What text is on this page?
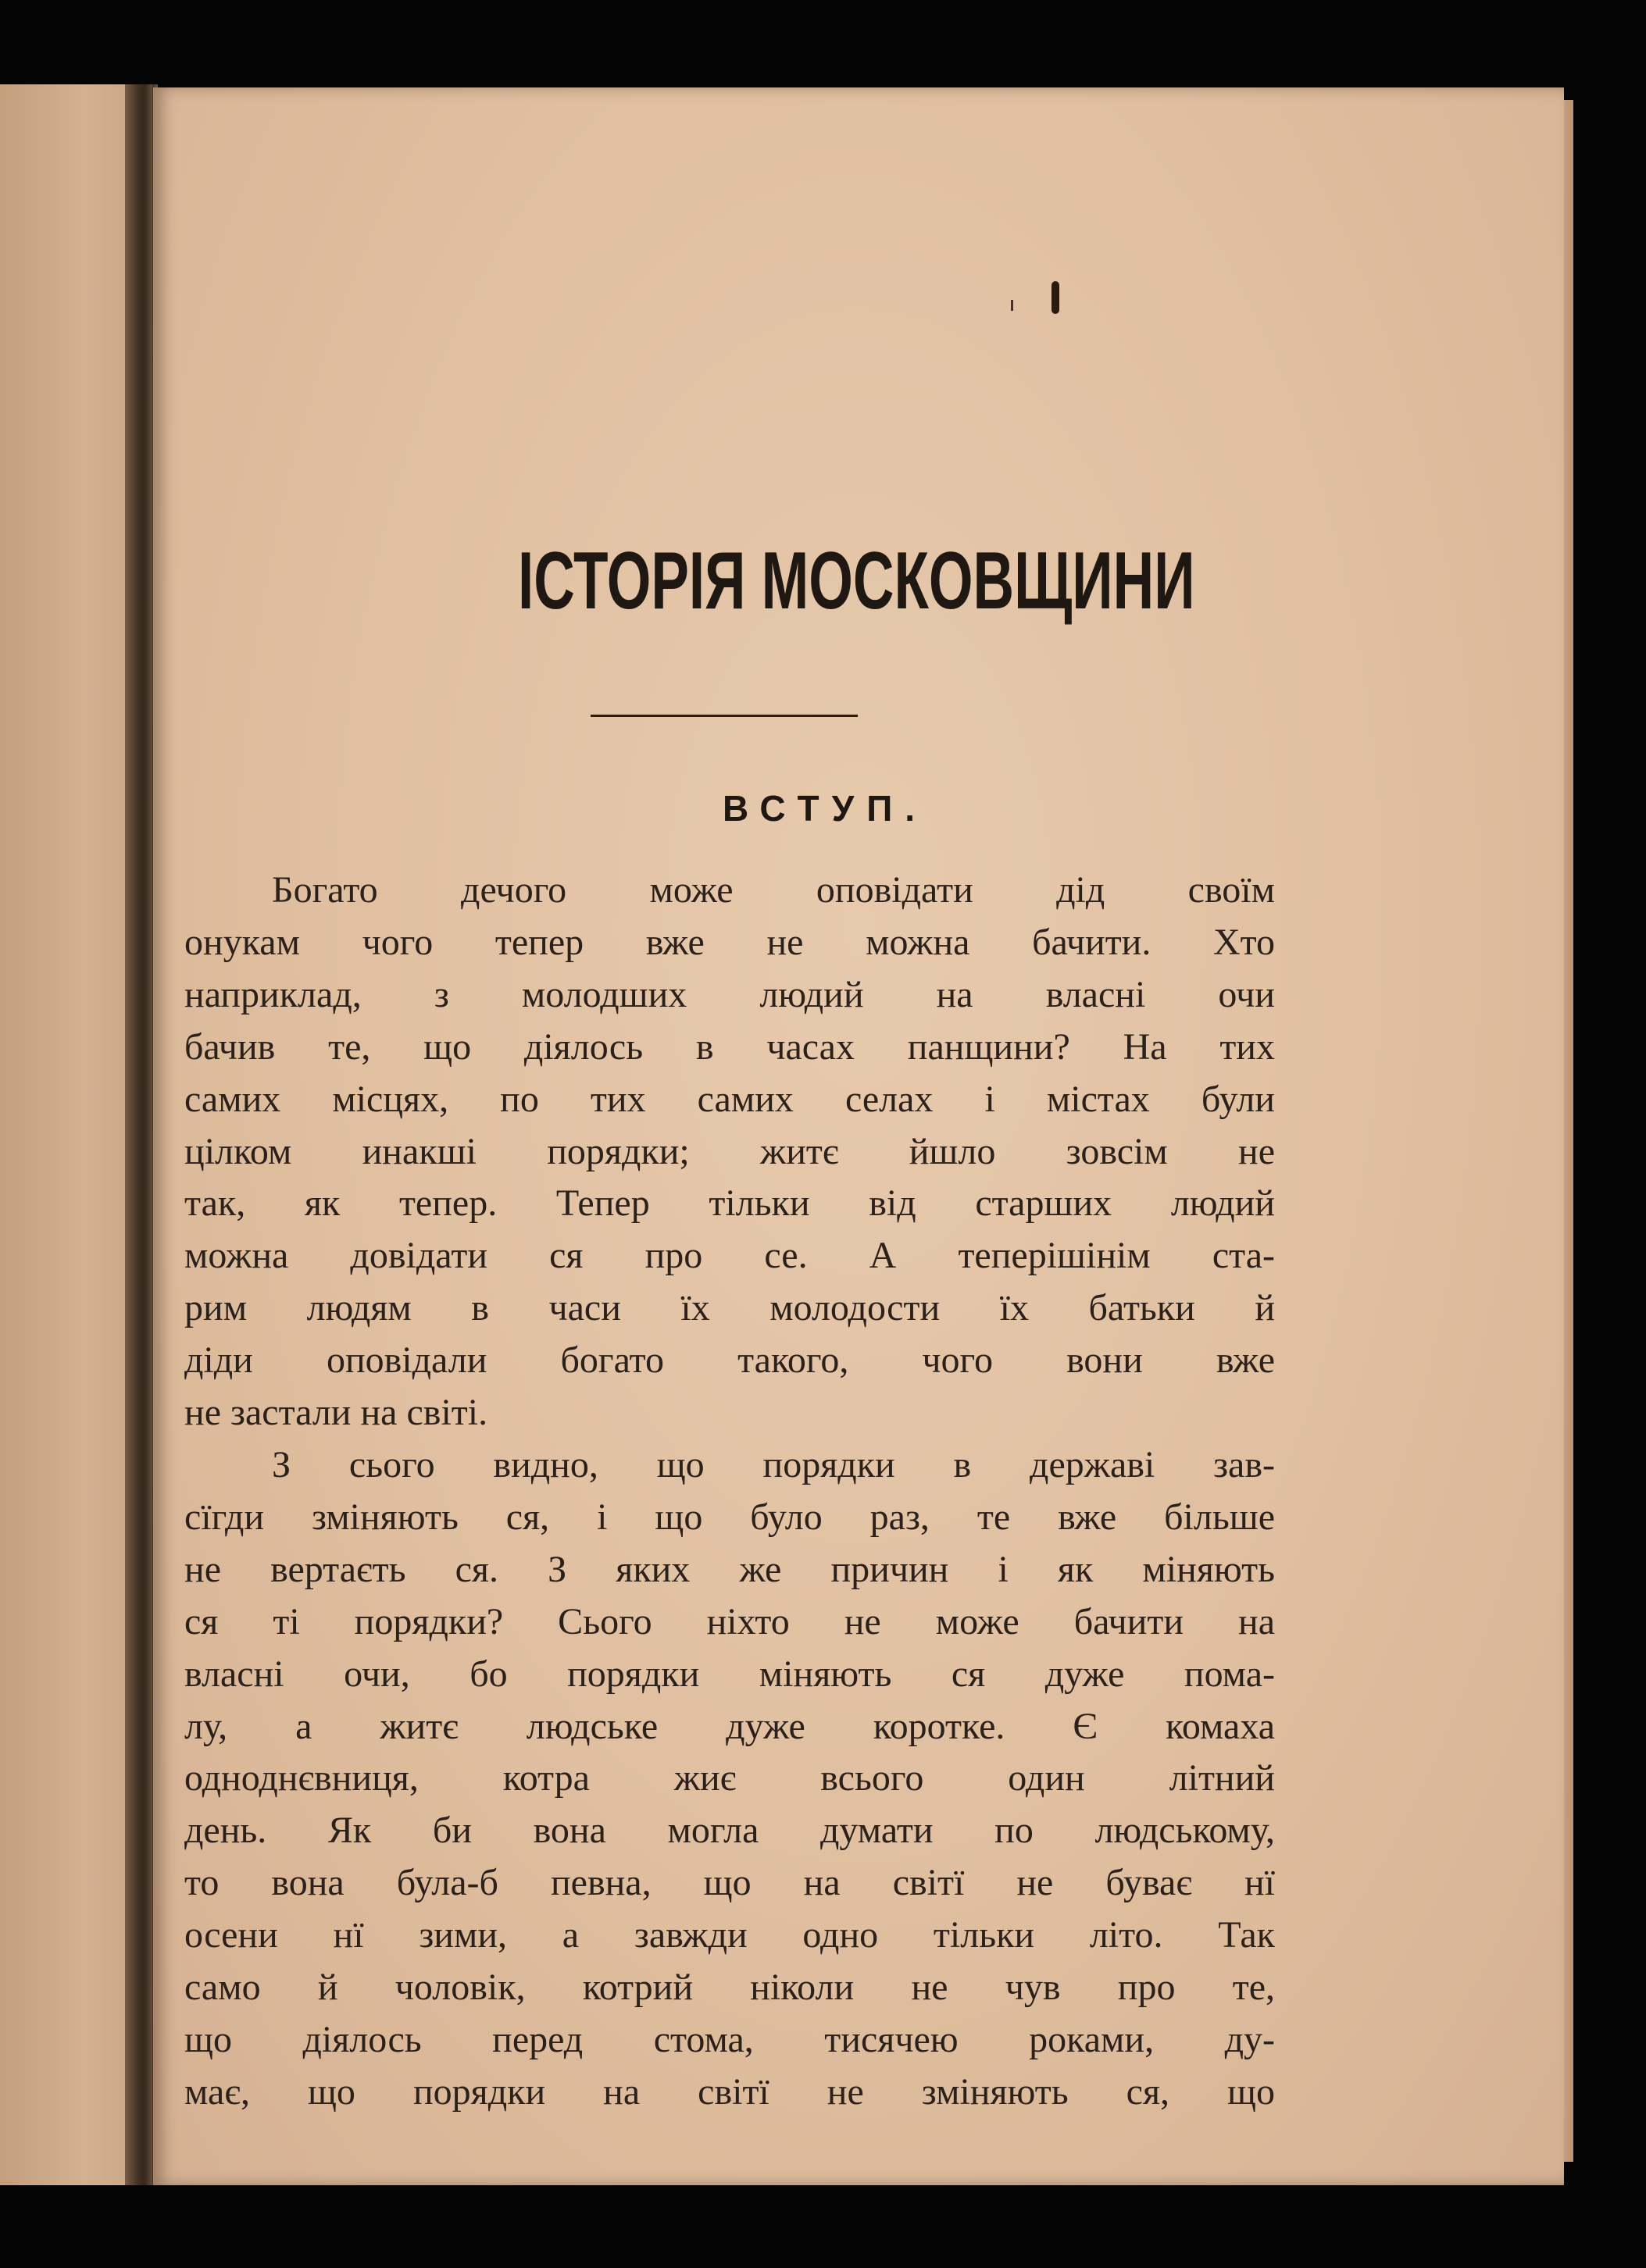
ІСТОРІЯ МОСКОВЩИНИ
ВСТУП.

Богато дечого може оповідати дід своїм
онукам чого тепер вже не можна бачити. Хто
наприклад, з молодших людий на власні очи
бачив те, що діялось в часах панщини? На тих
самих місцях, по тих самих селах і містах були
цілком инакші порядки; житє йшло зовсім не
так, як тепер. Тепер тільки від старших людий
можна довідати ся про се. А теперішінім ста-
рим людям в часи їх молодости їх батьки й
діди оповідали богато такого, чого вони вже
не застали на світі.

З сього видно, що порядки в державі зав-
сїгди зміняють ся, і що було раз, те вже більше
не вертаєть ся. З яких же причин і як міняють
ся ті порядки? Сього ніхто не може бачити на
власні очи, бо порядки міняють ся дуже пома-
лу, а житє людське дуже коротке. Є комаха
одноднєвниця, котра жиє всього один літний
день. Як би вона могла думати по людському,
то вона була-б певна, що на світї не буває нї
осени нї зими, а завжди одно тільки літо. Так
само й чоловік, котрий ніколи не чув про те,
що діялось перед стома, тисячею роками, ду-
має, що порядки на світї не зміняють ся, що
